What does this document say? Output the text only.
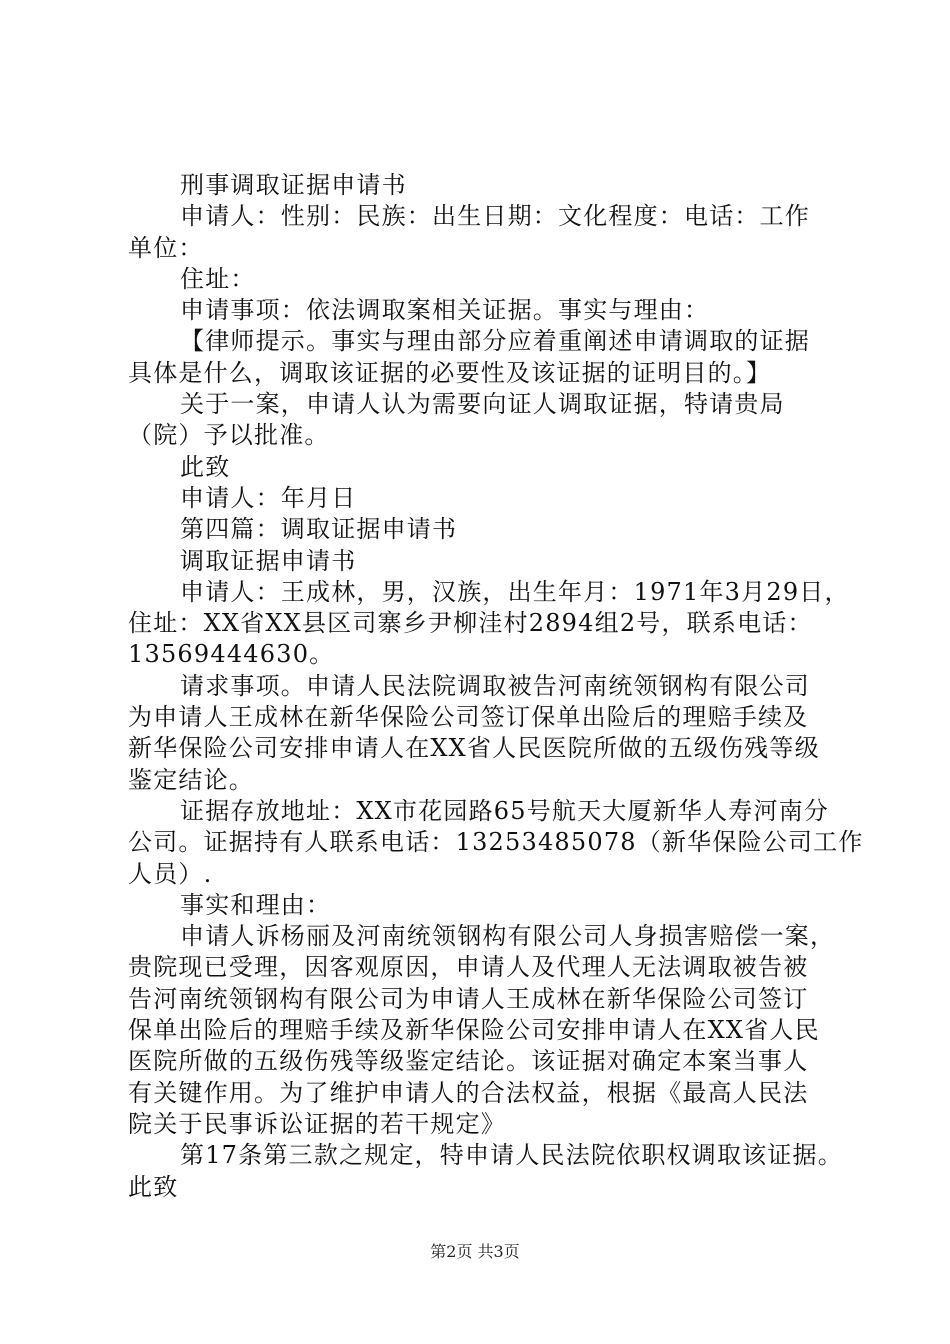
刑事调取证据申请书
申请人：性别：民族：出生日期：文化程度：电话：工作
单位：
住址：
申请事项：依法调取案相关证据。事实与理由：
【律师提示。事实与理由部分应着重阐述申请调取的证据
具体是什么，调取该证据的必要性及该证据的证明目的。】
关于一案，申请人认为需要向证人调取证据，特请贵局
（院）予以批准。
此致
申请人：年月日
第四篇：调取证据申请书
调取证据申请书
申请人：王成林，男，汉族，出生年月：1971年3月29日，
住址：XX省XX县区司寨乡尹柳洼村2894组2号，联系电话：
13569444630。
请求事项。申请人民法院调取被告河南统领钢构有限公司
为申请人王成林在新华保险公司签订保单出险后的理赔手续及
新华保险公司安排申请人在XX省人民医院所做的五级伤残等级
鉴定结论。
证据存放地址：XX市花园路65号航天大厦新华人寿河南分
公司。证据持有人联系电话：13253485078（新华保险公司工作
人员）.
事实和理由：
申请人诉杨丽及河南统领钢构有限公司人身损害赔偿一案，
贵院现已受理，因客观原因，申请人及代理人无法调取被告被
告河南统领钢构有限公司为申请人王成林在新华保险公司签订
保单出险后的理赔手续及新华保险公司安排申请人在XX省人民
医院所做的五级伤残等级鉴定结论。该证据对确定本案当事人
有关键作用。为了维护申请人的合法权益，根据《最高人民法
院关于民事诉讼证据的若干规定》
第17条第三款之规定，特申请人民法院依职权调取该证据。
此致
第2页 共3页
